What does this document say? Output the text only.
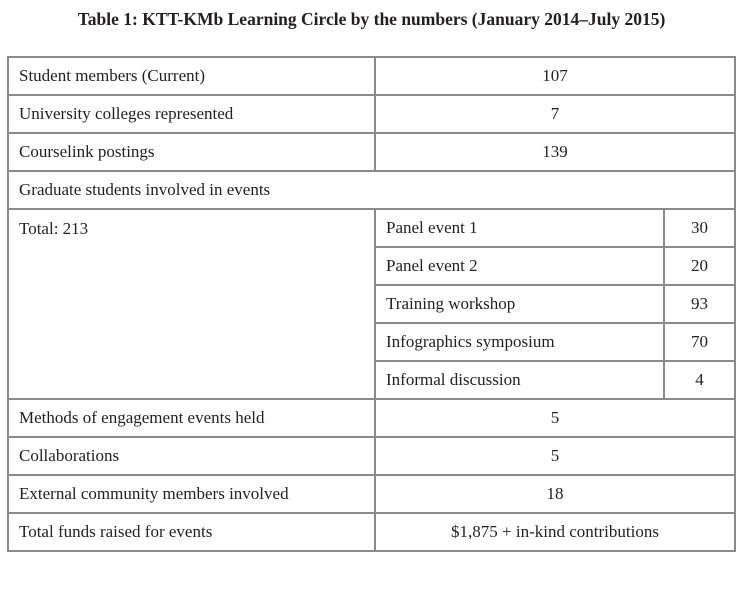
Table 1: KTT-KMb Learning Circle by the numbers (January 2014–July 2015)
Student members (Current)	107	
University colleges represented	7	
Courselink postings	139	
Graduate students involved in events		
Total: 213	Panel event 1	30
	Panel event 2	20
	Training workshop	93
	Infographics symposium	70
	Informal discussion	4
Methods of engagement events held	5	
Collaborations	5	
External community members involved	18	
Total funds raised for events	$1,875 + in-kind contributions	
